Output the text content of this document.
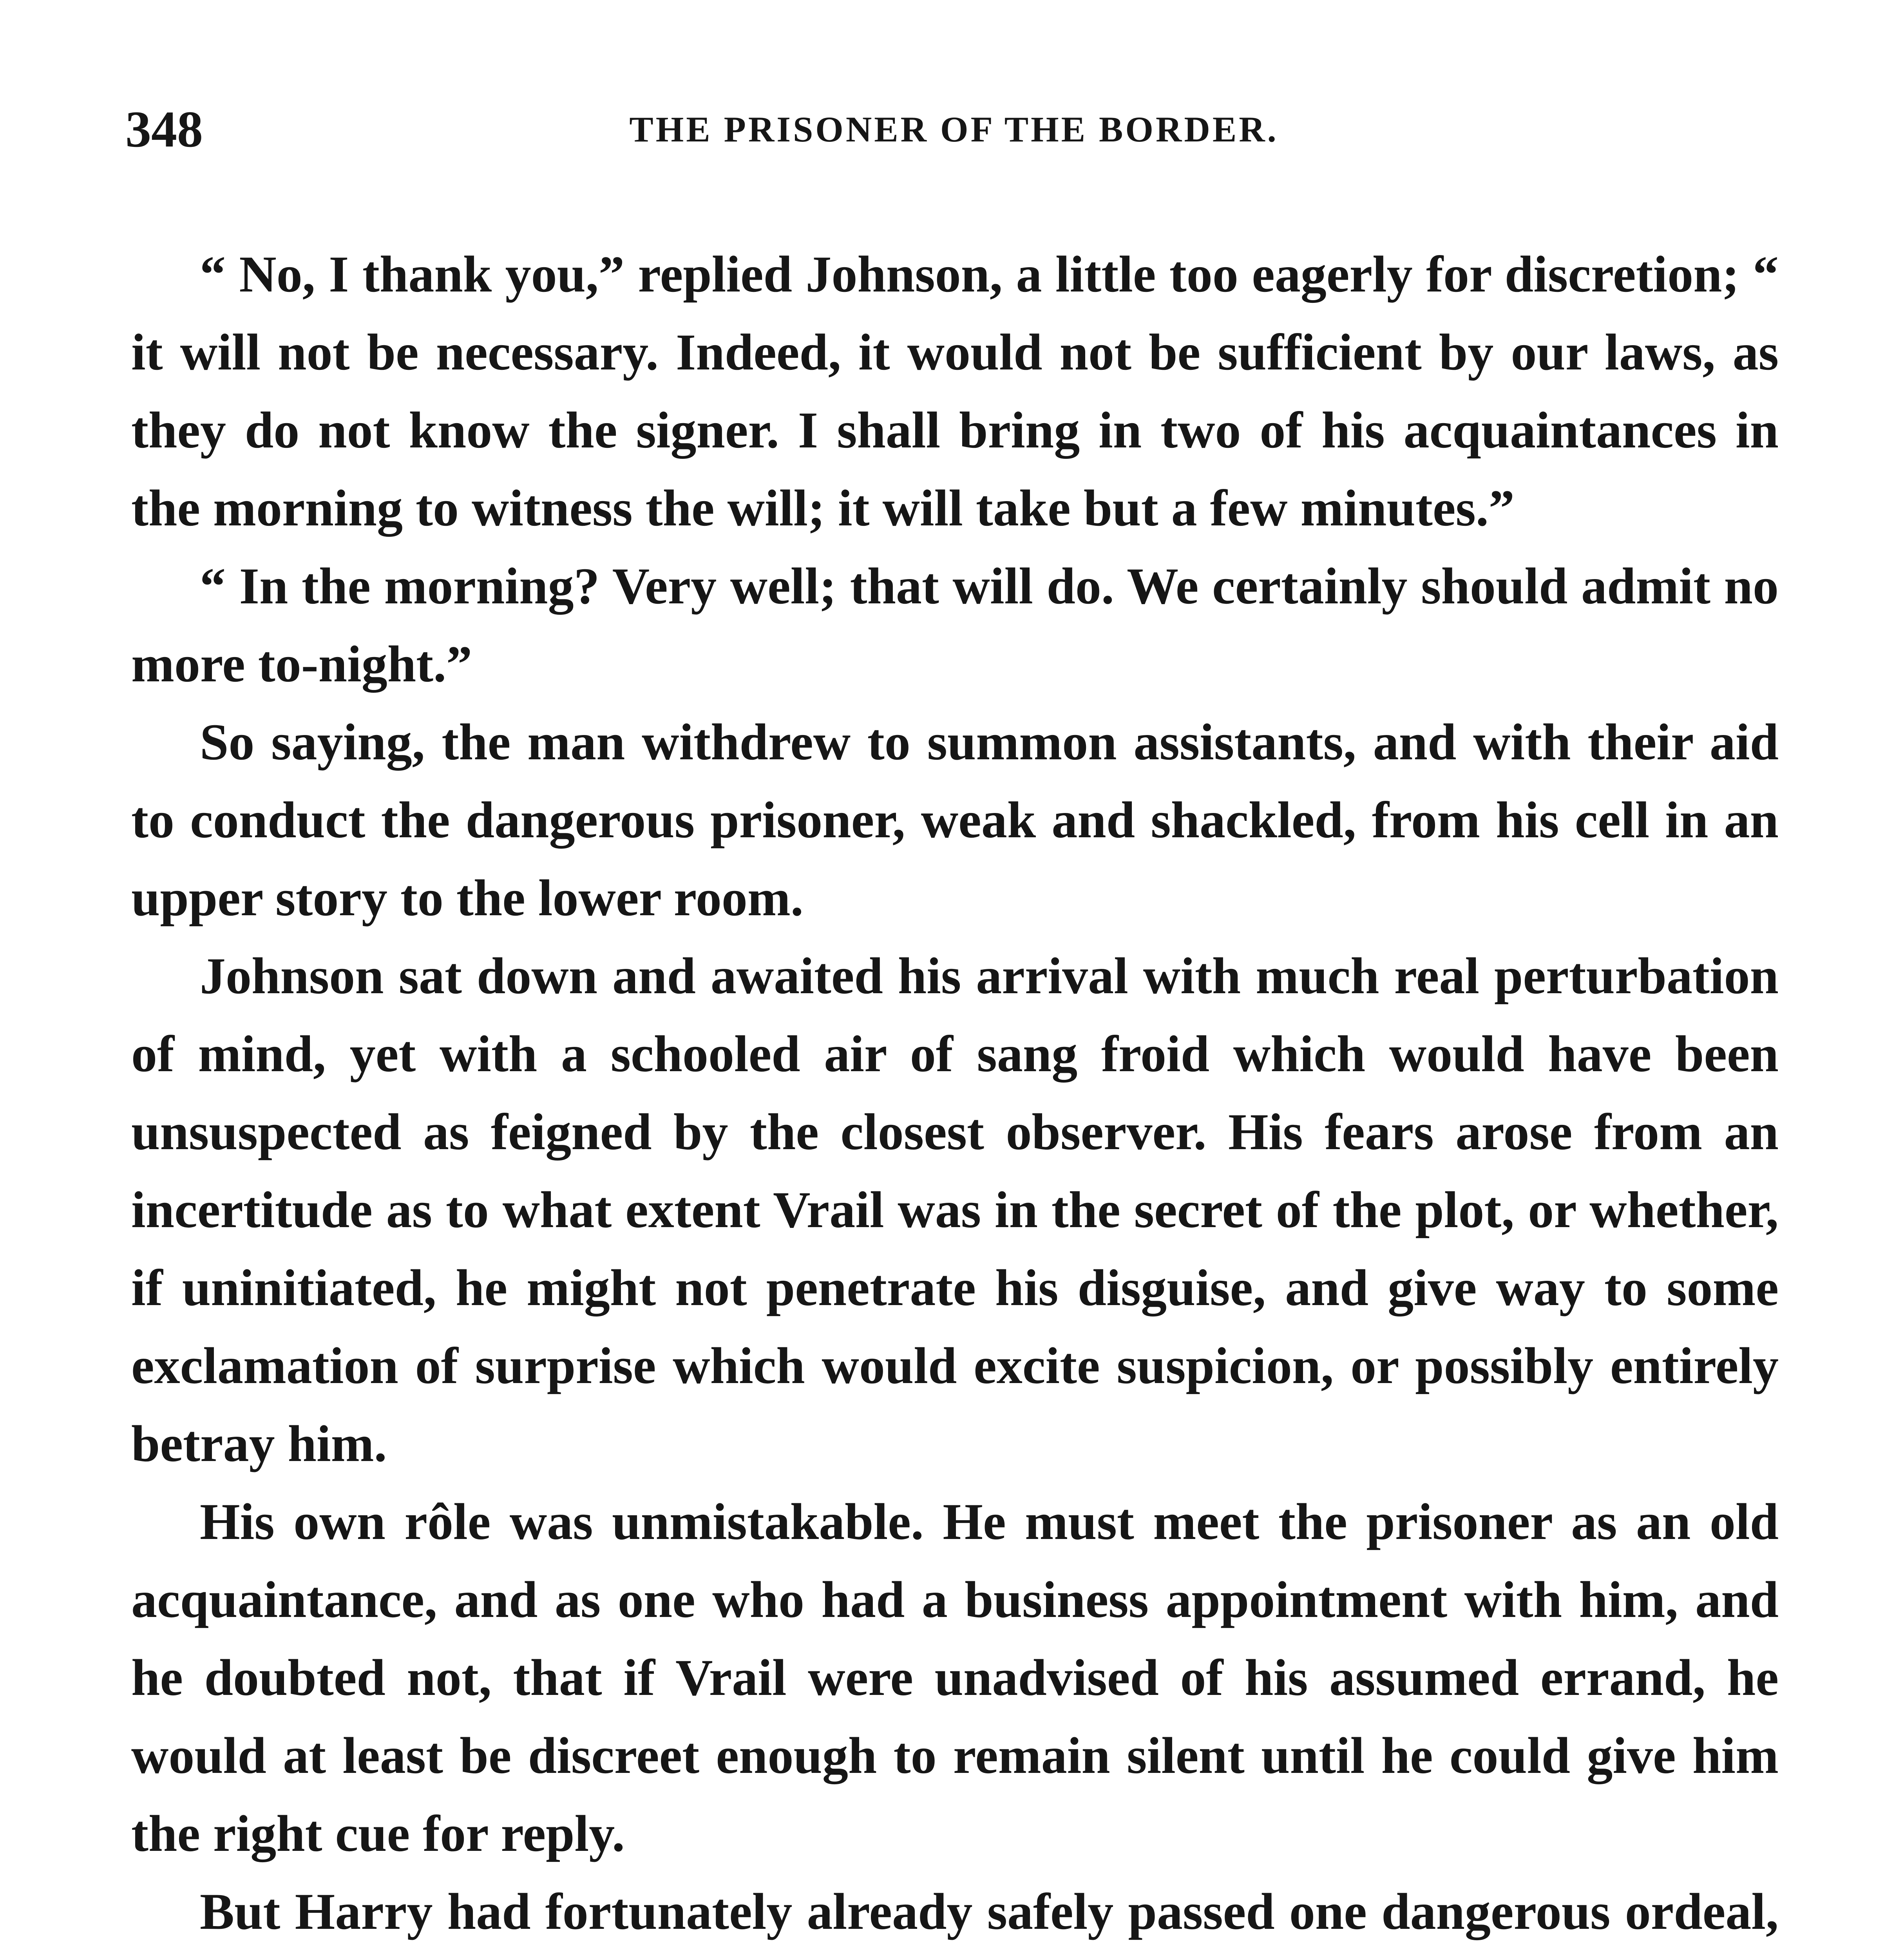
348	THE PRISONER OF THE BORDER.

“ No, I thank you,” replied Johnson, a little too eagerly for discretion; “ it will not be necessary. Indeed, it would not be sufficient by our laws, as they do not know the signer. I shall bring in two of his acquaintances in the morning to witness the will; it will take but a few minutes.”

“ In the morning? Very well; that will do. We certainly should admit no more to-night.”

So saying, the man withdrew to summon assistants, and with their aid to conduct the dangerous prisoner, weak and shackled, from his cell in an upper story to the lower room.

Johnson sat down and awaited his arrival with much real perturbation of mind, yet with a schooled air of sang froid which would have been unsuspected as feigned by the closest observer. His fears arose from an incertitude as to what extent Vrail was in the secret of the plot, or whether, if uninitiated, he might not penetrate his disguise, and give way to some exclamation of surprise which would excite suspicion, or possibly entirely betray him.

His own rôle was unmistakable. He must meet the prisoner as an old acquaintance, and as one who had a business appointment with him, and he doubted not, that if Vrail were unadvised of his assumed errand, he would at least be discreet enough to remain silent until he could give him the right cue for reply.

But Harry had fortunately already safely passed one dangerous ordeal,
